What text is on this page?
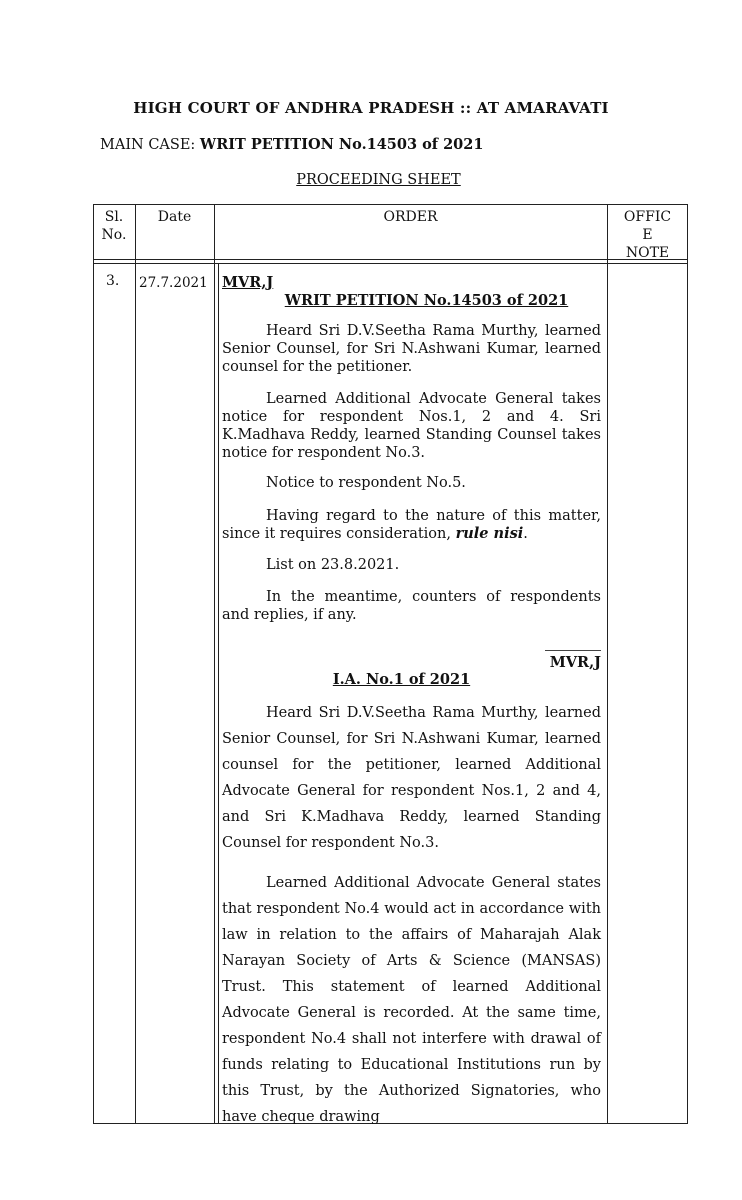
HIGH COURT OF ANDHRA PRADESH :: AT AMARAVATI
MAIN CASE: WRIT PETITION No.14503 of 2021
PROCEEDING SHEET
Sl.
No.
Date	ORDER	OFFIC
E
NOTE
3. 27.7.2021 MVR,J
WRIT PETITION No.14503 of 2021
Heard Sri D.V.Seetha Rama Murthy, learned Senior Counsel, for Sri N.Ashwani Kumar, learned counsel for the petitioner.
Learned Additional Advocate General takes notice for respondent Nos.1, 2 and 4. Sri K.Madhava Reddy, learned Standing Counsel takes notice for respondent No.3.
Notice to respondent No.5.
Having regard to the nature of this matter, since it requires consideration, rule nisi.
List on 23.8.2021.
In the meantime, counters of respondents and replies, if any.
MVR,J
I.A. No.1 of 2021
Heard Sri D.V.Seetha Rama Murthy, learned Senior Counsel, for Sri N.Ashwani Kumar, learned counsel for the petitioner, learned Additional Advocate General for respondent Nos.1, 2 and 4, and Sri K.Madhava Reddy, learned Standing Counsel for respondent No.3.
Learned Additional Advocate General states that respondent No.4 would act in accordance with law in relation to the affairs of Maharajah Alak Narayan Society of Arts & Science (MANSAS) Trust. This statement of learned Additional Advocate General is recorded. At the same time, respondent No.4 shall not interfere with drawal of funds relating to Educational Institutions run by this Trust, by the Authorized Signatories, who have cheque drawing
